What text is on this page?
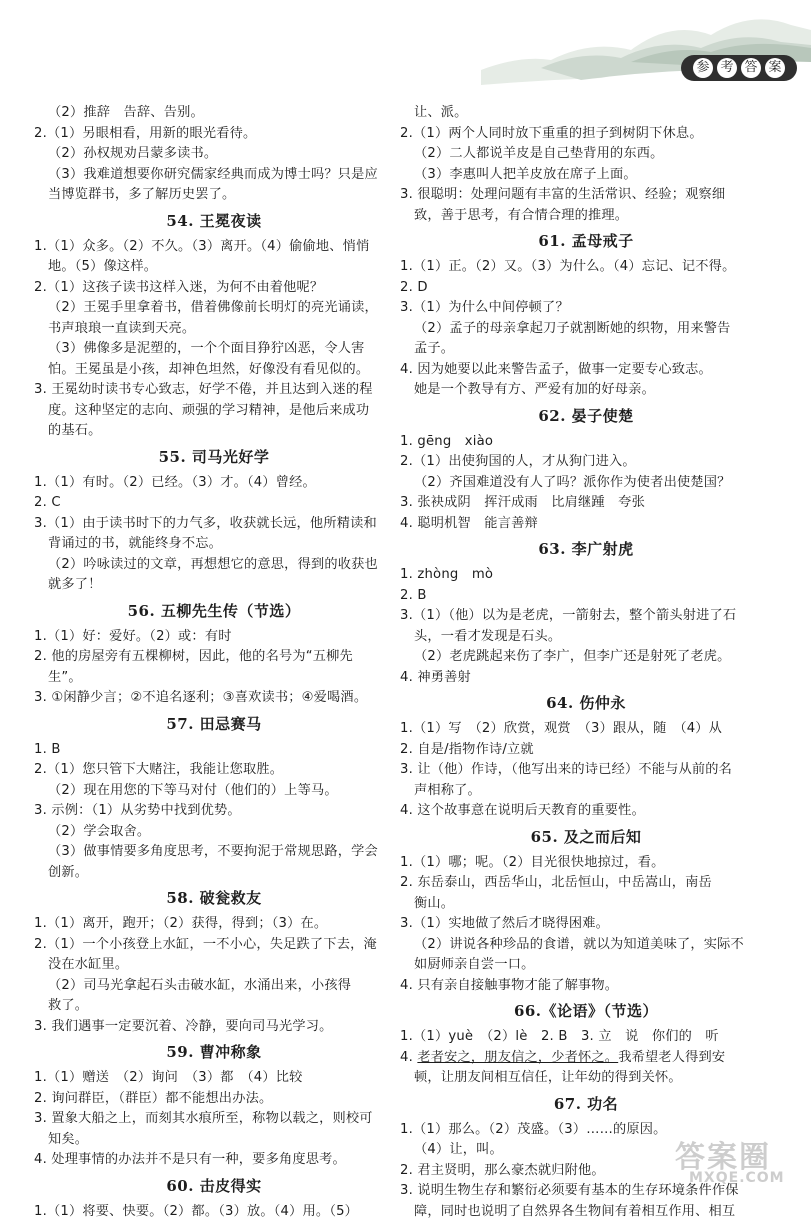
参 考 答 案
（2）推辞　告辞、告别。
2.（1）另眼相看，用新的眼光看待。
（2）孙权规劝吕蒙多读书。
（3）我难道想要你研究儒家经典而成为博士吗？只是应
当博览群书，多了解历史罢了。
54. 王冕夜读
1.（1）众多。（2）不久。（3）离开。（4）偷偷地、悄悄
地。（5）像这样。
2.（1）这孩子读书这样入迷，为何不由着他呢？
（2）王冕手里拿着书，借着佛像前长明灯的亮光诵读，
书声琅琅一直读到天亮。
（3）佛像多是泥塑的，一个个面目狰狞凶恶，令人害
怕。王冕虽是小孩，却神色坦然，好像没有看见似的。
3. 王冕幼时读书专心致志，好学不倦，并且达到入迷的程
度。这种坚定的志向、顽强的学习精神，是他后来成功
的基石。
55. 司马光好学
1.（1）有时。（2）已经。（3）才。（4）曾经。
2. C
3.（1）由于读书时下的力气多，收获就长远，他所精读和
背诵过的书，就能终身不忘。
（2）吟咏读过的文章，再想想它的意思，得到的收获也
就多了！
56. 五柳先生传（节选）
1.（1）好：爱好。（2）或：有时
2. 他的房屋旁有五棵柳树，因此，他的名号为“五柳先
生”。
3. ①闲静少言；②不追名逐利；③喜欢读书；④爱喝酒。
57. 田忌赛马
1. B
2.（1）您只管下大赌注，我能让您取胜。
（2）现在用您的下等马对付（他们的）上等马。
3. 示例：（1）从劣势中找到优势。
（2）学会取舍。
（3）做事情要多角度思考，不要拘泥于常规思路，学会
创新。
58. 破瓮救友
1.（1）离开，跑开；（2）获得，得到；（3）在。
2.（1）一个小孩登上水缸，一不小心，失足跌了下去，淹
没在水缸里。
（2）司马光拿起石头击破水缸，水涌出来，小孩得
救了。
3. 我们遇事一定要沉着、冷静，要向司马光学习。
59. 曹冲称象
1.（1）赠送　（2）询问　（3）都　（4）比较
2. 询问群臣，（群臣）都不能想出办法。
3. 置象大船之上，而刻其水痕所至，称物以载之，则校可
知矣。
4. 处理事情的办法并不是只有一种，要多角度思考。
60. 击皮得实
1.（1）将要、快要。（2）都。（3）放。（4）用。（5）
让、派。
2.（1）两个人同时放下重重的担子到树阴下休息。
（2）二人都说羊皮是自己垫背用的东西。
（3）李惠叫人把羊皮放在席子上面。
3. 很聪明：处理问题有丰富的生活常识、经验；观察细
致，善于思考，有合情合理的推理。
61. 孟母戒子
1.（1）正。（2）又。（3）为什么。（4）忘记、记不得。
2. D
3.（1）为什么中间停顿了？
（2）孟子的母亲拿起刀子就割断她的织物，用来警告
孟子。
4. 因为她要以此来警告孟子，做事一定要专心致志。
她是一个教导有方、严爱有加的好母亲。
62. 晏子使楚
1. gēng　xiào
2.（1）出使狗国的人，才从狗门进入。
（2）齐国难道没有人了吗？派你作为使者出使楚国？
3. 张袂成阴　挥汗成雨　比肩继踵　夸张
4. 聪明机智　能言善辩
63. 李广射虎
1. zhòng　mò
2. B
3.（1）（他）以为是老虎，一箭射去，整个箭头射进了石
头，一看才发现是石头。
（2）老虎跳起来伤了李广，但李广还是射死了老虎。
4. 神勇善射
64. 伤仲永
1.（1）写　（2）欣赏，观赏　（3）跟从，随　（4）从
2. 自是/指物作诗/立就
3. 让（他）作诗，（他写出来的诗已经）不能与从前的名
声相称了。
4. 这个故事意在说明后天教育的重要性。
65. 及之而后知
1.（1）哪；呢。（2）目光很快地掠过，看。
2. 东岳泰山，西岳华山，北岳恒山，中岳嵩山，南岳
衡山。
3.（1）实地做了然后才晓得困难。
（2）讲说各种珍品的食谱，就以为知道美味了，实际不
如厨师亲自尝一口。
4. 只有亲自接触事物才能了解事物。
66.《论语》（节选）
1.（1）yuè　（2）lè　2. B　3. 立　说　你们的　听
4. 老者安之，朋友信之，少者怀之。我希望老人得到安
顿，让朋友间相互信任，让年幼的得到关怀。
67. 功名
1.（1）那么。（2）茂盛。（3）……的原因。
（4）让，叫。
2. 君主贤明，那么豪杰就归附他。
3. 说明生物生存和繁衍必须要有基本的生存环境条件作保
障，同时也说明了自然界各生物间有着相互作用、相互
答案圈
MXQE.COM
